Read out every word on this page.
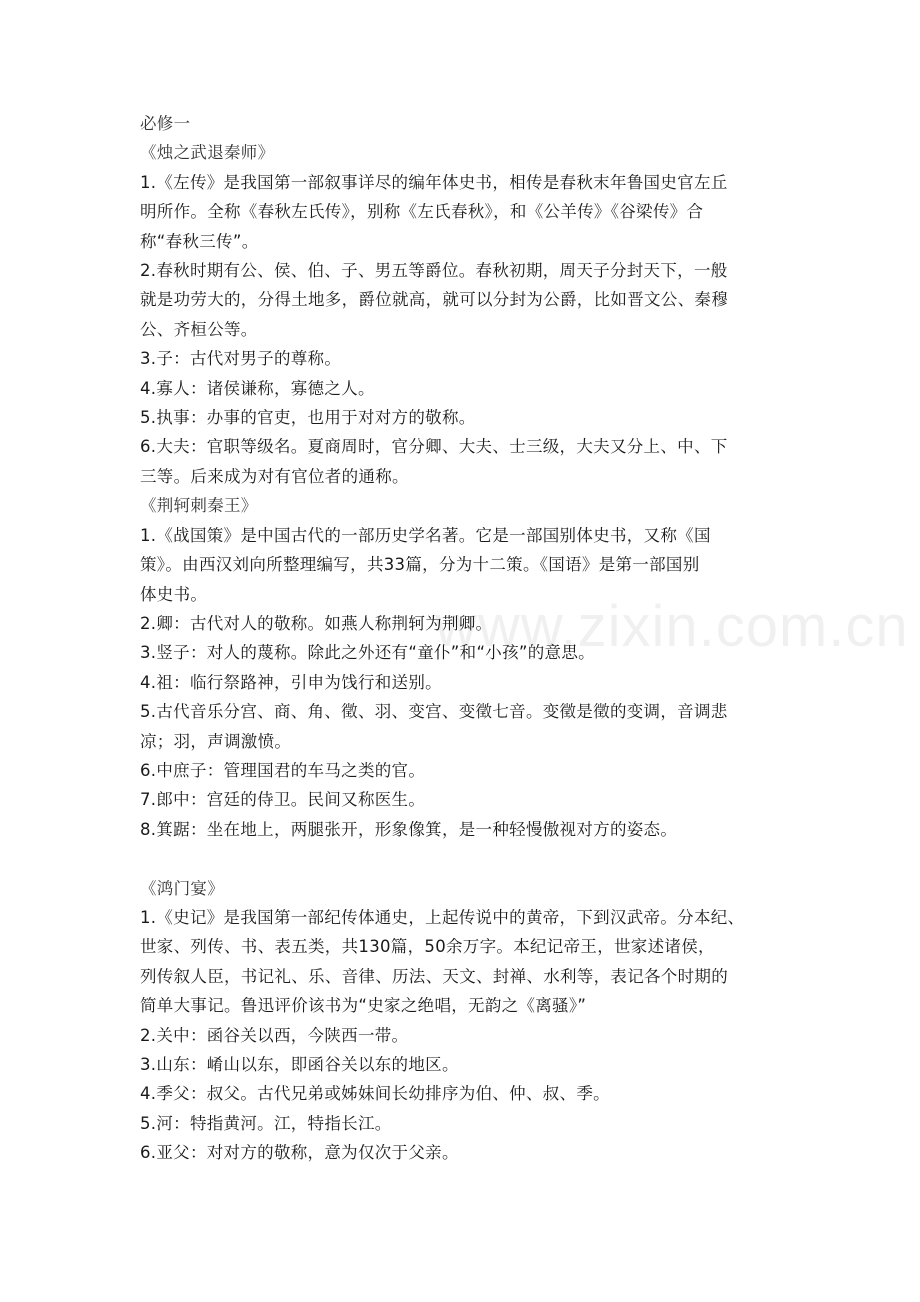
必修一
《烛之武退秦师》
1.《左传》是我国第一部叙事详尽的编年体史书，相传是春秋末年鲁国史官左丘
明所作。全称《春秋左氏传》，别称《左氏春秋》，和《公羊传》《谷梁传》合
称“春秋三传”。
2.春秋时期有公、侯、伯、子、男五等爵位。春秋初期，周天子分封天下，一般
就是功劳大的，分得土地多，爵位就高，就可以分封为公爵，比如晋文公、秦穆
公、齐桓公等。
3.子：古代对男子的尊称。
4.寡人：诸侯谦称，寡德之人。
5.执事：办事的官吏，也用于对对方的敬称。
6.大夫：官职等级名。夏商周时，官分卿、大夫、士三级，大夫又分上、中、下
三等。后来成为对有官位者的通称。
《荆轲刺秦王》
1.《战国策》是中国古代的一部历史学名著。它是一部国别体史书，又称《国
策》。由西汉刘向所整理编写，共33篇，分为十二策。《国语》是第一部国别
体史书。
2.卿：古代对人的敬称。如燕人称荆轲为荆卿。
3.竖子：对人的蔑称。除此之外还有“童仆”和“小孩”的意思。
4.祖：临行祭路神，引申为饯行和送别。
5.古代音乐分宫、商、角、徵、羽、变宫、变徵七音。变徵是徵的变调，音调悲
凉；羽，声调激愤。
6.中庶子：管理国君的车马之类的官。
7.郎中：宫廷的侍卫。民间又称医生。
8.箕踞：坐在地上，两腿张开，形象像箕，是一种轻慢傲视对方的姿态。
《鸿门宴》
1.《史记》是我国第一部纪传体通史，上起传说中的黄帝，下到汉武帝。分本纪、
世家、列传、书、表五类，共130篇，50余万字。本纪记帝王，世家述诸侯，
列传叙人臣，书记礼、乐、音律、历法、天文、封禅、水利等，表记各个时期的
简单大事记。鲁迅评价该书为“史家之绝唱，无韵之《离骚》”
2.关中：函谷关以西，今陕西一带。
3.山东：崤山以东，即函谷关以东的地区。
4.季父：叔父。古代兄弟或姊妹间长幼排序为伯、仲、叔、季。
5.河：特指黄河。江，特指长江。
6.亚父：对对方的敬称，意为仅次于父亲。
www.zixin.com.cn
